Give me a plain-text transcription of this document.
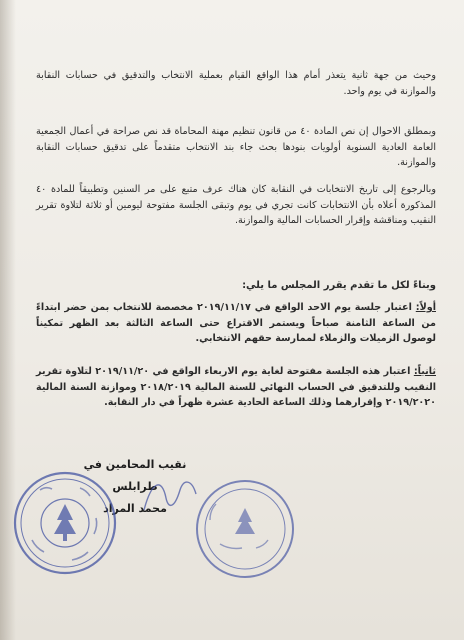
وحيث من جهة ثانية يتعذر أمام هذا الواقع القيام بعملية الانتخاب والتدقيق في حسابات النقابة والموازنة في يوم واحد.
وبمطلق الاحوال إن نص المادة ٤٠ من قانون تنظيم مهنة المحاماة قد نص صراحة في أعمال الجمعية العامة العادية السنوية أولويات بنودها بحث جاء بند الانتخاب متقدماً على تدقيق حسابات النقابة والموازنة.
وبالرجوع إلى تاريخ الانتخابات في النقابة كان هناك عرف متبع على مر السنين وتطبيقاً للمادة ٤٠ المذكورة أعلاه بأن الانتخابات كانت تجري في يوم وتبقى الجلسة مفتوحة ليومين أو ثلاثة لتلاوة تقرير النقيب ومناقشة وإقرار الحسابات المالية والموازنة.
وبناءً لكل ما تقدم يقرر المجلس ما يلي:
أولاً: اعتبار جلسة يوم الاحد الواقع في ٢٠١٩/١١/١٧ مخصصة للانتخاب بمن حضر ابتداءً من الساعة الثامنة صباحاً ويستمر الاقتراع حتى الساعة الثالثة بعد الظهر تمكيناً لوصول الزميلات والزملاء لممارسة حقهم الانتخابي.
ثانياً: اعتبار هذه الجلسة مفتوحة لغاية يوم الاربعاء الواقع في ٢٠١٩/١١/٢٠ لتلاوة تقرير النقيب وللتدقيق في الحساب النهائي للسنة المالية ٢٠١٨/٢٠١٩ وموازنة السنة المالية ٢٠١٩/٢٠٢٠ وإقرارهما وذلك الساعة الحادية عشرة ظهراً في دار النقابة.
نقيب المحامين في طرابلس
محمد المراد
